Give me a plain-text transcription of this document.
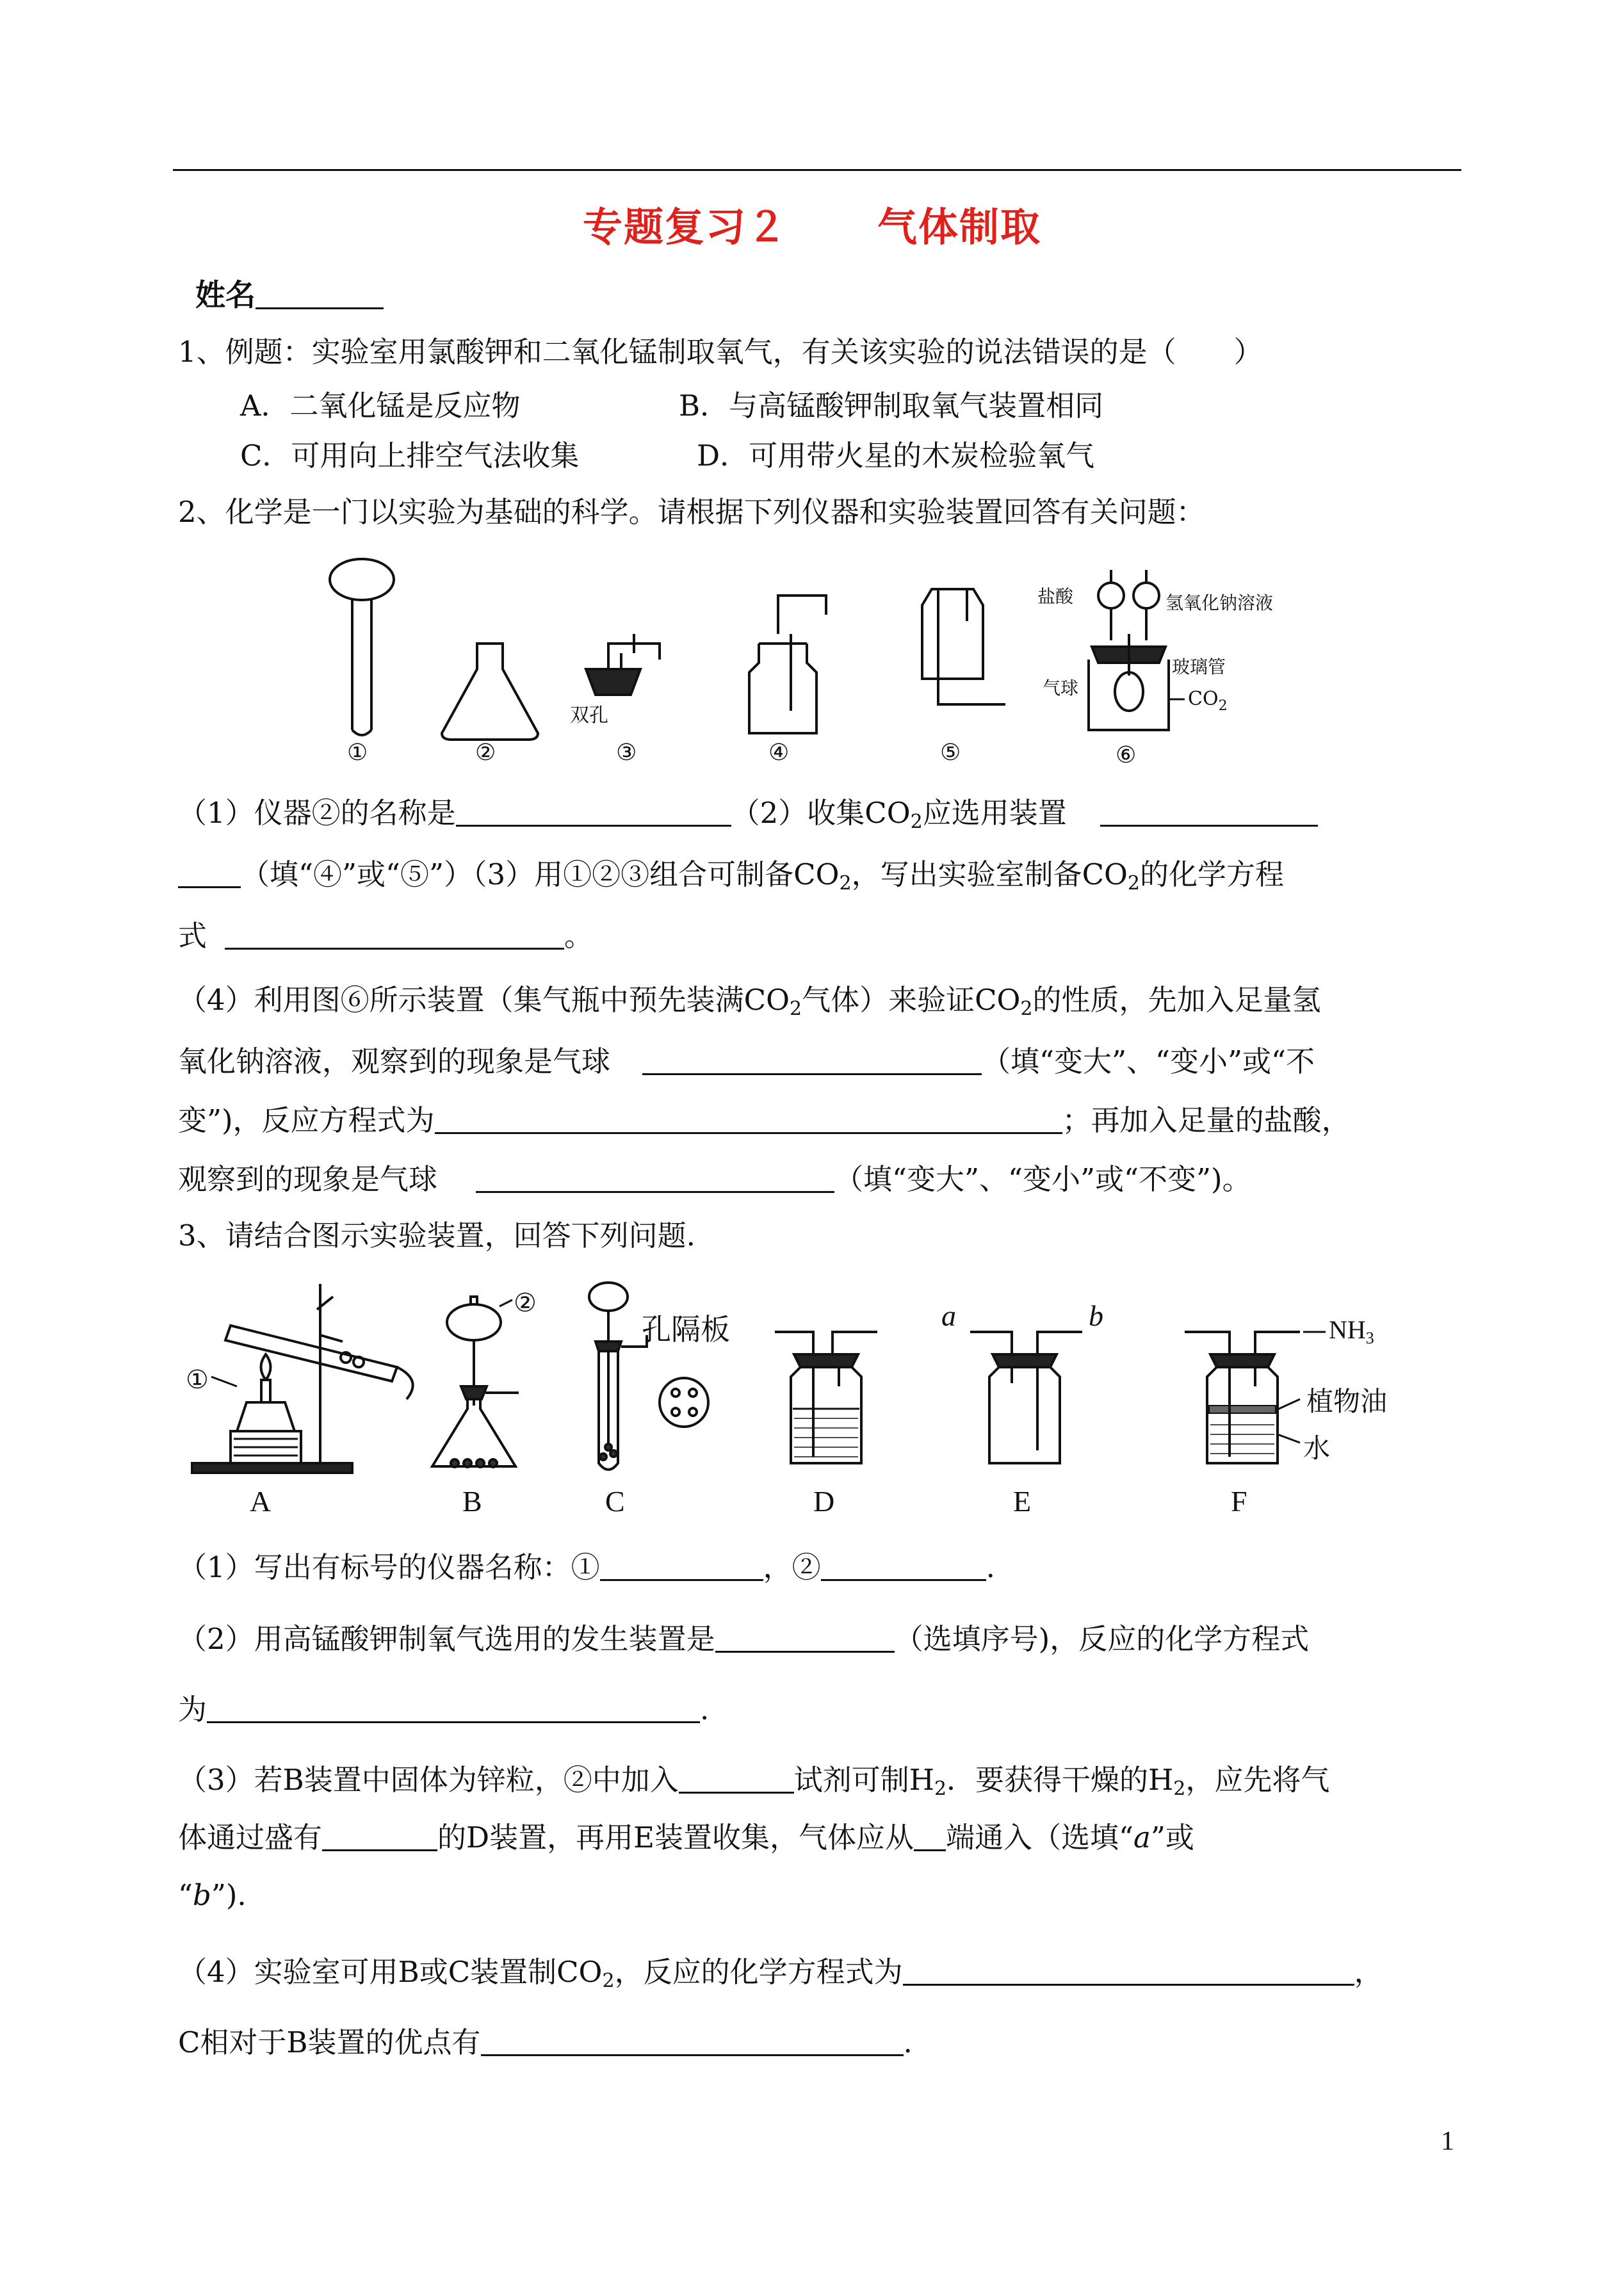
专题复习２ 气体制取
姓名
1、例题：实验室用氯酸钾和二氧化锰制取氧气，有关该实验的说法错误的是（　　）
A．二氧化锰是反应物	B．与高锰酸钾制取氧气装置相同
C．可用向上排空气法收集	D．可用带火星的木炭检验氧气
2、化学是一门以实验为基础的科学。请根据下列仪器和实验装置回答有关问题：
①	②	③	④	⑤	⑥
双孔
盐酸	氢氧化钠溶液
玻璃管
气球	$CO_2$
（1）仪器②的名称是	（2）收集$CO_2$应选用装置
（填“④”或“⑤”）（3）用①②③组合可制备$CO_2$，写出实验室制备$CO_2$的化学方程
式	。
（4）利用图⑥所示装置（集气瓶中预先装满$CO_2$气体）来验证$CO_2$的性质，先加入足量氢
氧化钠溶液，观察到的现象是气球	（填“变大”、“变小”或“不
变”)，反应方程式为	；再加入足量的盐酸，
观察到的现象是气球	（填“变大”、“变小”或“不变”)。
3、请结合图示实验装置，回答下列问题.
①
②
孔隔板	a	b	$NH_3$
植物油
水
A	B	C	D	E	F
（1）写出有标号的仪器名称：①	，②	.
（2）用高锰酸钾制氧气选用的发生装置是	（选填序号)，反应的化学方程式
为	.
（3）若B装置中固体为锌粒，②中加入	试剂可制$H_2$．要获得干燥的$H_2$，应先将气
体通过盛有	的D装置，再用E装置收集，气体应从 端通入（选填“a”或
“b”).
（4）实验室可用B或C装置制$CO_2$，反应的化学方程式为	，
C相对于B装置的优点有	.
1
